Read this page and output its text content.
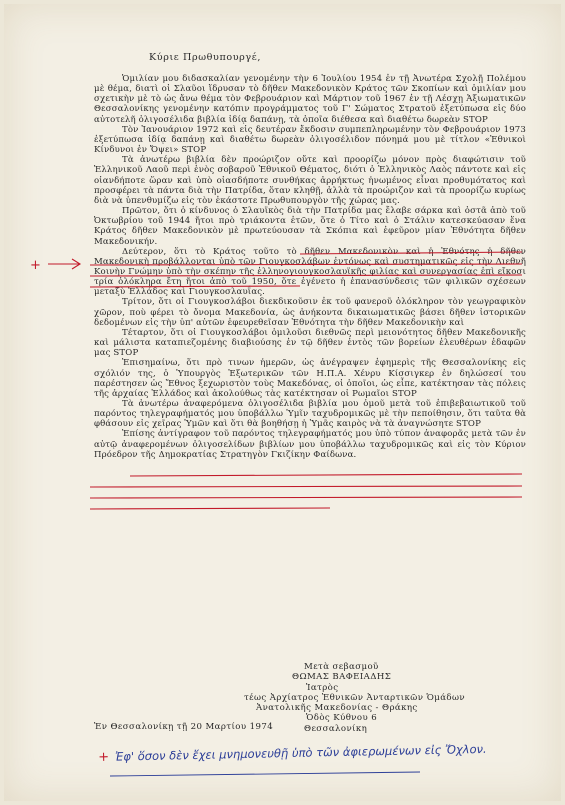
Κύριε Πρωθυπουργέ,

Ὁμιλίαν μου διδασκαλίαν γενομένην τὴν 6 Ἰουλίου 1954 ἐν τῇ Ἀνωτέρα Σχολῇ Πολέμου μὲ θέμα, διατὶ οἱ Σλαῦοι ἵδρυσαν τὸ δῆθεν Μακεδονικὸν Κράτος τῶν Σκοπίων καὶ ὁμιλίαν μου σχετικὴν μὲ τὸ ὡς ἄνω θέμα τὸν Φεβρουάριον καὶ Μάρτιον τοῦ 1967 ἐν τῇ Λέσχῃ Ἀξιωματικῶν Θεσσαλονίκης γενομένην κατόπιν προγράμματος τοῦ Γ' Σώματος Στρατοῦ ἐξετύπωσα εἰς δύο αὐτοτελῆ ὀλιγοσέλιδα βιβλία ἰδίᾳ δαπάνῃ, τὰ ὁποῖα διέθεσα καὶ διαθέτω δωρεὰν STOP

Τὸν Ἰανουάριον 1972 καὶ εἰς δευτέραν ἔκδοσιν συμπεπληρωμένην τὸν Φεβρουάριον 1973 ἐξετύπωσα ἰδίᾳ δαπάνῃ καὶ διαθέτω δωρεὰν ὀλιγοσέλιδον πόνημά μου μὲ τίτλον «Ἐθνικοὶ Κίνδυνοι ἐν Ὄψει» STOP

Τὰ ἀνωτέρω βιβλία δὲν προώριζον οὔτε καὶ προορίζω μόνον πρὸς διαφώτισιν τοῦ Ἑλληνικοῦ Λαοῦ περὶ ἑνὸς σοβαροῦ Ἐθνικοῦ Θέματος, διότι ὁ Ἑλληνικὸς Λαὸς πάντοτε καὶ εἰς οἱανδήποτε ὥραν καὶ ὑπὸ οἱασδήποτε συνθήκας ἀρρήκτως ἡνωμένος εἶναι προθυμότατος καὶ προσφέρει τὰ πάντα διὰ τὴν Πατρίδα, ὅταν κληθῇ, ἀλλὰ τὰ προώριζον καὶ τὰ προορίζω κυρίως διὰ νὰ ὑπενθυμίζω εἰς τὸν ἑκάστοτε Πρωθυπουργὸν τῆς χώρας μας.

Πρῶτον, ὅτι ὁ κίνδυνος ὁ Σλαυϊκὸς διὰ τὴν Πατρίδα μας ἔλαβε σάρκα καὶ ὀστᾶ ἀπὸ τοῦ Ὀκτωβρίου τοῦ 1944 ἤτοι πρὸ τριάκοντα ἐτῶν, ὅτε ὁ Τίτο καὶ ὁ Στάλιν κατεσκεύασαν ἕνα Κράτος δῆθεν Μακεδονικὸν μὲ πρωτεύουσαν τὰ Σκόπια καὶ ἐφεῦρον μίαν Ἐθνότητα δῆθεν Μακεδονικήν.

Δεύτερον, ὅτι τὸ Κράτος τοῦτο τὸ δῆθεν Μακεδονικὸν καὶ ἡ Ἐθνότης ἡ δῆθεν Μακεδονικὴ προβάλλονται ὑπὸ τῶν Γιουγκοσλάβων ἐντόνως καὶ συστηματικῶς εἰς τὴν Διεθνῆ Κοινὴν Γνώμην ὑπὸ τὴν σκέπην τῆς ἑλληνογιουγκοσλαυϊκῆς φιλίας καὶ συνεργασίας ἐπὶ εἴκοσι τρία ὁλόκληρα ἔτη ἤτοι ἀπὸ τοῦ 1950, ὅτε ἐγένετο ἡ ἐπανασύνδεσις τῶν φιλικῶν σχέσεων μεταξὺ Ἑλλάδος καὶ Γιουγκοσλαυΐας.

Τρίτον, ὅτι οἱ Γιουγκοσλάβοι διεκδικοῦσιν ἐκ τοῦ φανεροῦ ὁλόκληρον τὸν γεωγραφικὸν χῶρον, ποὺ φέρει τὸ ὄνομα Μακεδονία, ὡς ἀνήκοντα δικαιωματικῶς βάσει δῆθεν ἱστορικῶν δεδομένων εἰς τὴν ὑπ' αὐτῶν ἐφευρεθεῖσαν Ἐθνότητα τὴν δῆθεν Μακεδονικὴν καὶ

Τέταρτον, ὅτι οἱ Γιουγκοσλάβοι ὁμιλοῦσι διεθνῶς περὶ μειονότητος δῆθεν Μακεδονικῆς καὶ μάλιστα καταπιεζομένης διαβιούσης ἐν τῷ δῆθεν ἐντὸς τῶν βορείων ἐλευθέρων ἐδαφῶν μας STOP

Ἐπισημαίνω, ὅτι πρὸ τινων ἡμερῶν, ὡς ἀνέγραψεν ἐφημερὶς τῆς Θεσσαλονίκης εἰς σχόλιόν της, ὁ Ὑπουργὸς Ἐξωτερικῶν τῶν Η.Π.Α. Χένρυ Κίσσιγκερ ἐν δηλώσεσί του παρέστησεν ὡς Ἔθνος ξεχωριστὸν τοὺς Μακεδόνας, οἱ ὁποῖοι, ὡς εἶπε, κατέκτησαν τὰς πόλεις τῆς ἀρχαίας Ἑλλάδος καὶ ἀκολούθως τὰς κατέκτησαν οἱ Ρωμαῖοι STOP

Τὰ ἀνωτέρω ἀναφερόμενα ὀλιγοσέλιδα βιβλία μου ὁμοῦ μετὰ τοῦ ἐπιβεβαιωτικοῦ τοῦ παρόντος τηλεγραφήματός μου ὑποβάλλω Ὑμῖν ταχυδρομικῶς μὲ τὴν πεποίθησιν, ὅτι ταῦτα θὰ φθάσουν εἰς χεῖρας Ὑμῶν καὶ ὅτι θὰ βοηθήσῃ ἡ Ὑμᾶς καιρὸς νὰ τὰ ἀναγνώσητε STOP

Ἐπίσης ἀντίγραφον τοῦ παρόντος τηλεγραφήματός μου ὑπὸ τύπον ἀναφορᾶς μετὰ τῶν ἐν αὐτῷ ἀναφερομένων ὀλιγοσελίδων βιβλίων μου ὑποβάλλω ταχυδρομικῶς καὶ εἰς τὸν Κύριον Πρόεδρον τῆς Δημοκρατίας Στρατηγὸν Γκιζίκην Φαίδωνα.

Μετὰ σεβασμοῦ
ΘΩΜΑΣ ΒΑΦΕΙΑΔΗΣ
Ἰατρὸς
τέως Ἀρχίατρος Ἐθνικῶν Ἀνταρτικῶν Ὁμάδων
Ἀνατολικῆς Μακεδονίας - Θράκης
Ὁδὸς Κύθνου 6
Θεσσαλονίκη
Ἐν Θεσσαλονίκῃ τῇ 20 Μαρτίου 1974
+ Ἐφ' ὅσον δὲν ἔχει μνημονευθῇ ὑπὸ τῶν ἀφιερωμένων εἰς Ὄχλον.
+
